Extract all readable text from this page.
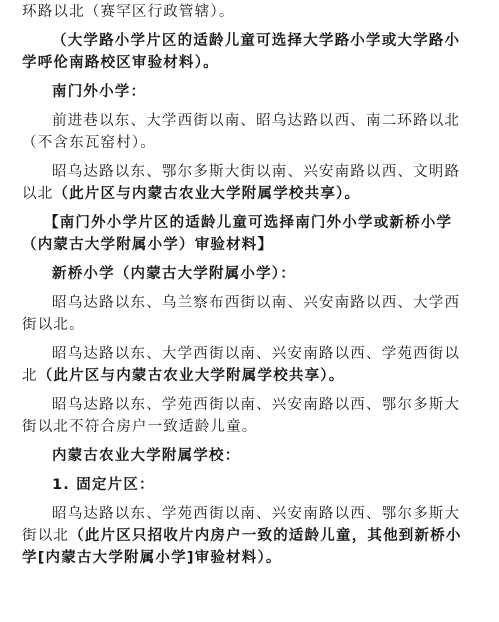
环路以北（赛罕区行政管辖）。
（大学路小学片区的适龄儿童可选择大学路小学或大学路小
学呼伦南路校区审验材料）。
南门外小学：
前进巷以东、大学西街以南、昭乌达路以西、南二环路以北
（不含东瓦窑村）。
昭乌达路以东、鄂尔多斯大街以南、兴安南路以西、文明路
以北（此片区与内蒙古农业大学附属学校共享）。
【南门外小学片区的适龄儿童可选择南门外小学或新桥小学
（内蒙古大学附属小学）审验材料】
新桥小学（内蒙古大学附属小学）：
昭乌达路以东、乌兰察布西街以南、兴安南路以西、大学西
街以北。
昭乌达路以东、大学西街以南、兴安南路以西、学苑西街以
北（此片区与内蒙古农业大学附属学校共享）。
昭乌达路以东、学苑西街以南、兴安南路以西、鄂尔多斯大
街以北不符合房户一致适龄儿童。
内蒙古农业大学附属学校：
1. 固定片区：
昭乌达路以东、学苑西街以南、兴安南路以西、鄂尔多斯大
街以北（此片区只招收片内房户一致的适龄儿童，其他到新桥小
学[内蒙古大学附属小学]审验材料）。
